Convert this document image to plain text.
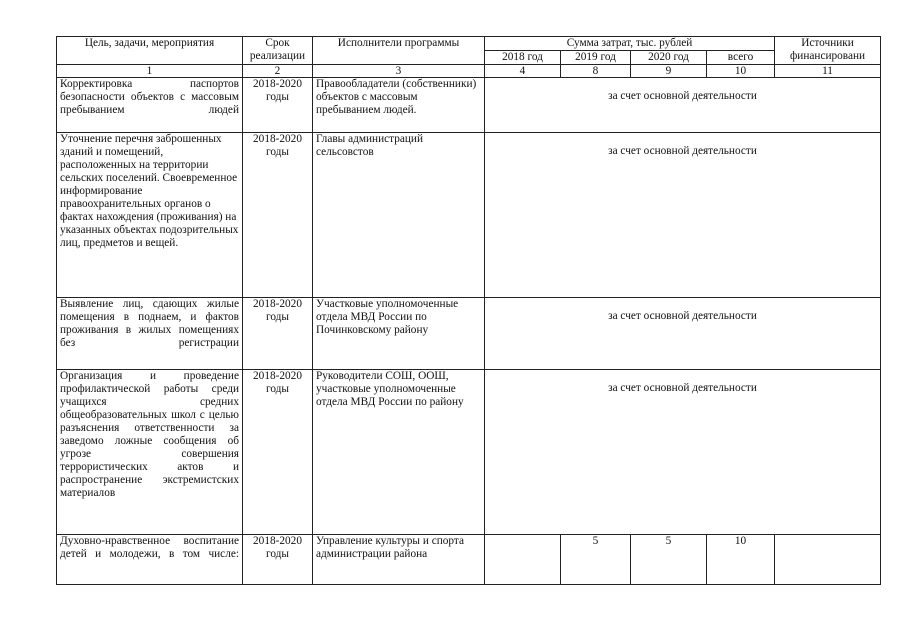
Цель, задачи, мероприятия	Срок реализации	Исполнители программы	Сумма затрат, тыс. рублей				Источники финансировани
			2018 год	2019 год	2020 год	всего	
1	2	3	4	8	9	10	11
Корректировка паспортов безопасности объектов с массовым пребыванием людей	2018-2020 годы	Правообладатели (собственники) объектов с массовым пребыванием людей.	за счет основной деятельности				
Уточнение перечня заброшенных зданий и помещений, расположенных на территории сельских поселений. Своевременное информирование правоохранительных органов о фактах нахождения (проживания) на указанных объектах подозрительных лиц, предметов и вещей.	2018-2020 годы	Главы администраций сельсовстов	за счет основной деятельности				
Выявление лиц, сдающих жилые помещения в поднаем, и фактов проживания в жилых помещениях без регистрации	2018-2020 годы	Участковые уполномоченные отдела МВД России по Починковскому району	за счет основной деятельности				
Организация и проведение профилактической работы среди учащихся средних общеобразовательных школ с целью разъяснения ответственности за заведомо ложные сообщения об угрозе совершения террористических актов и распространение экстремистских материалов	2018-2020 годы	Руководители СОШ, ООШ, участковые уполномоченные отдела МВД России по району	за счет основной деятельности				
Духовно-нравственное воспитание детей и молодежи, в том числе:	2018-2020 годы	Управление культуры и спорта администрации района		5	5	10	
